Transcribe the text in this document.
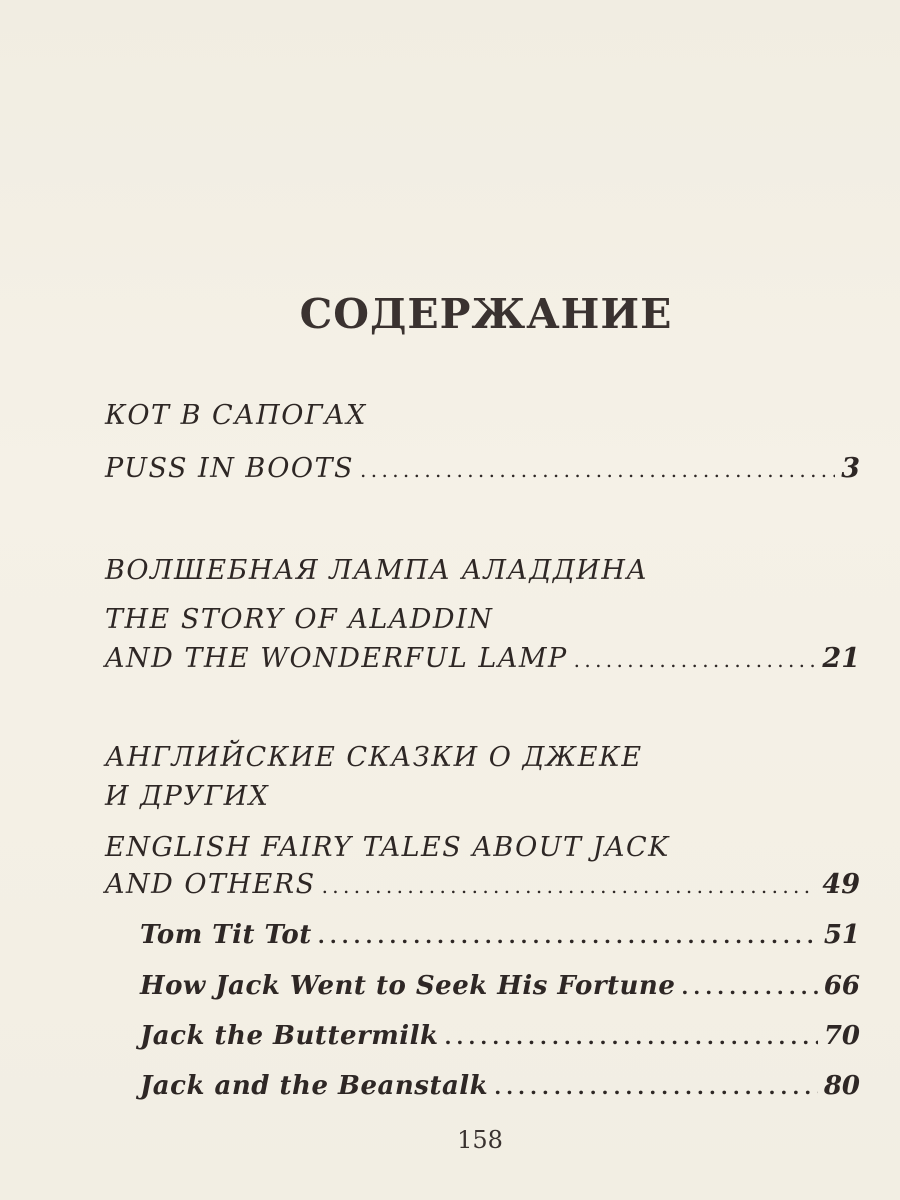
СОДЕРЖАНИЕ
КОТ В САПОГАХ
PUSS IN BOOTS . . .	3
ВОЛШЕБНАЯ ЛАМПА АЛАДДИНА
THE STORY OF ALADDIN
AND THE WONDERFUL LAMP . . .	21
АНГЛИЙСКИЕ СКАЗКИ О ДЖЕКЕ
И ДРУГИХ
ENGLISH FAIRY TALES ABOUT JACK
AND OTHERS . . .	49
Tom Tit Tot . . .	51
How Jack Went to Seek His Fortune . . .	66
Jack the Buttermilk . . .	70
Jack and the Beanstalk . . .	80
158
